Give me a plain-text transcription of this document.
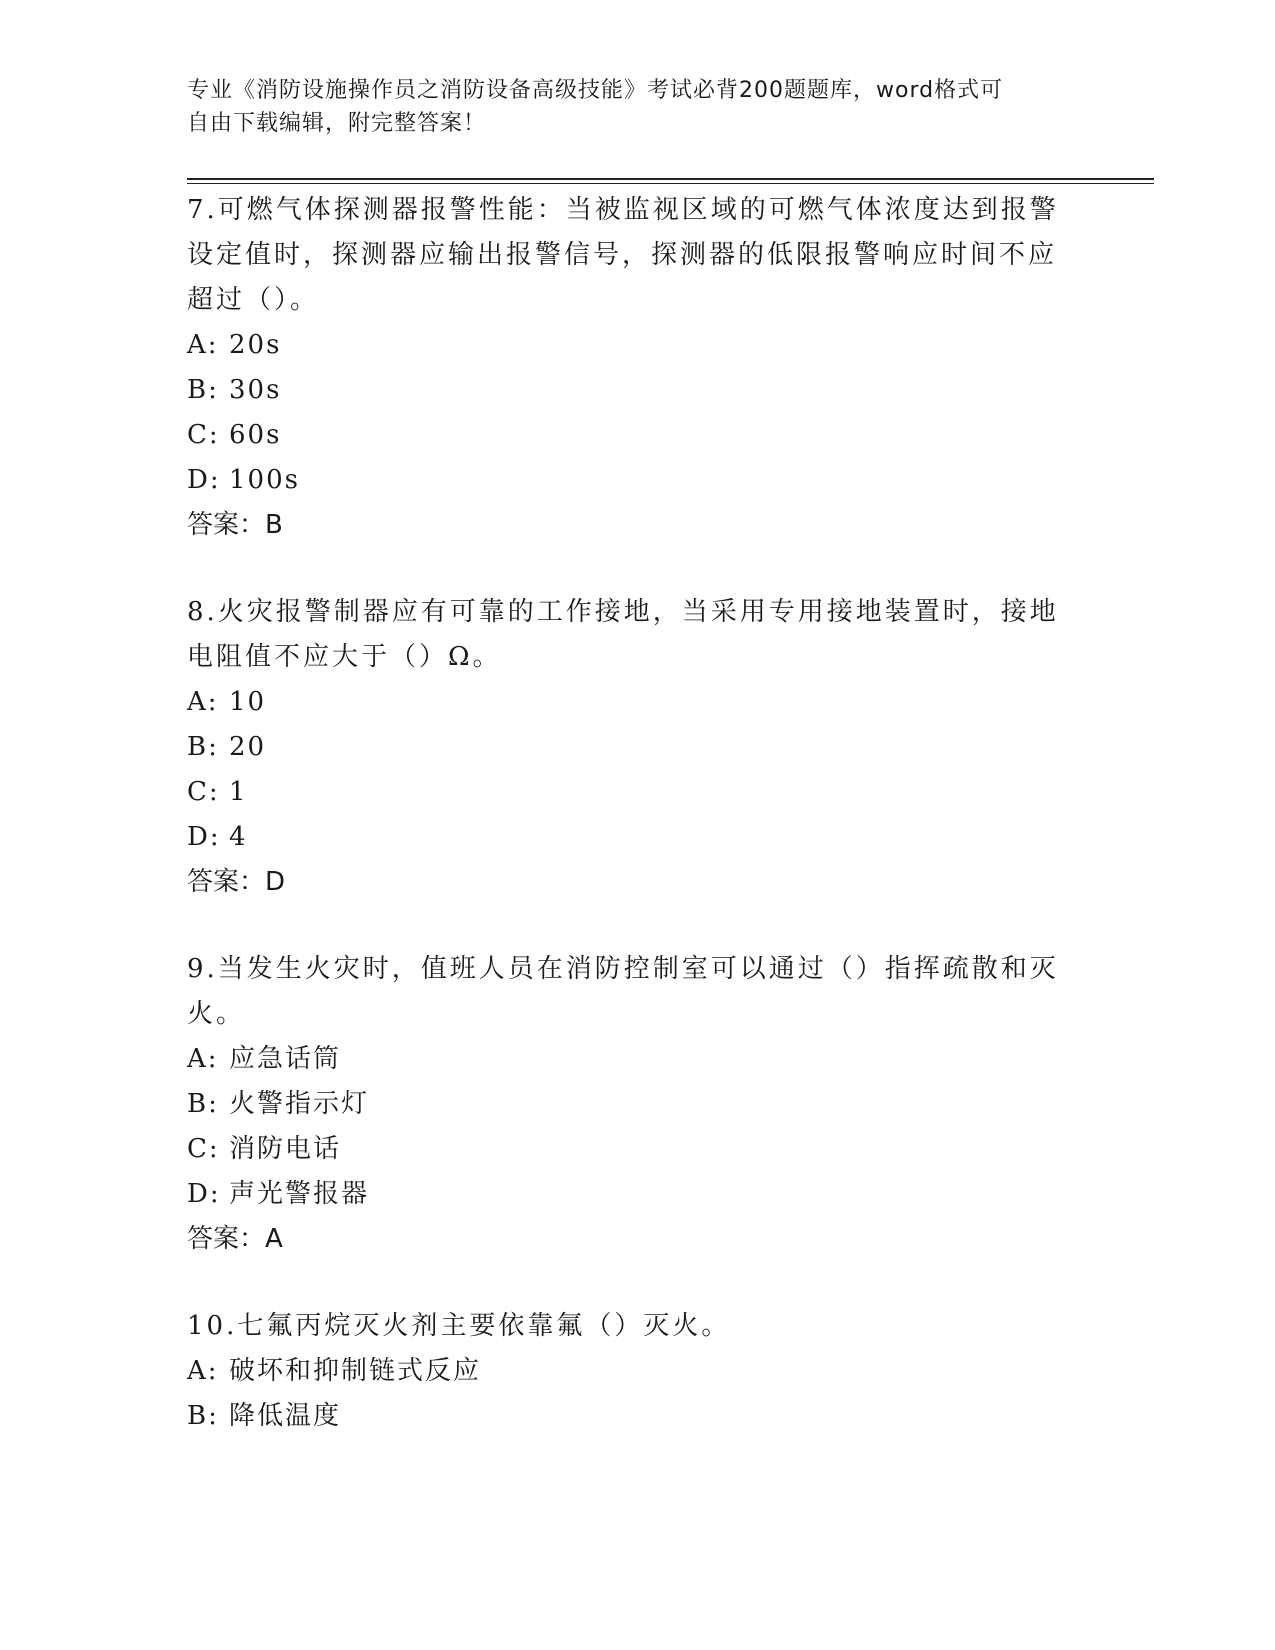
专业《消防设施操作员之消防设备高级技能》考试必背200题题库，word格式可
自由下载编辑，附完整答案！

7.可燃气体探测器报警性能：当被监视区域的可燃气体浓度达到报警设定值时，探测器应输出报警信号，探测器的低限报警响应时间不应超过（）。

A: 20s

B: 30s

C: 60s

D: 100s

答案：B

8.火灾报警制器应有可靠的工作接地，当采用专用接地装置时，接地电阻值不应大于（）Ω。

A: 10

B: 20

C: 1

D: 4

答案：D

9.当发生火灾时，值班人员在消防控制室可以通过（）指挥疏散和灭火。

A: 应急话筒

B: 火警指示灯

C: 消防电话

D: 声光警报器

答案：A

10.七氟丙烷灭火剂主要依靠氟（）灭火。

A: 破坏和抑制链式反应

B: 降低温度
